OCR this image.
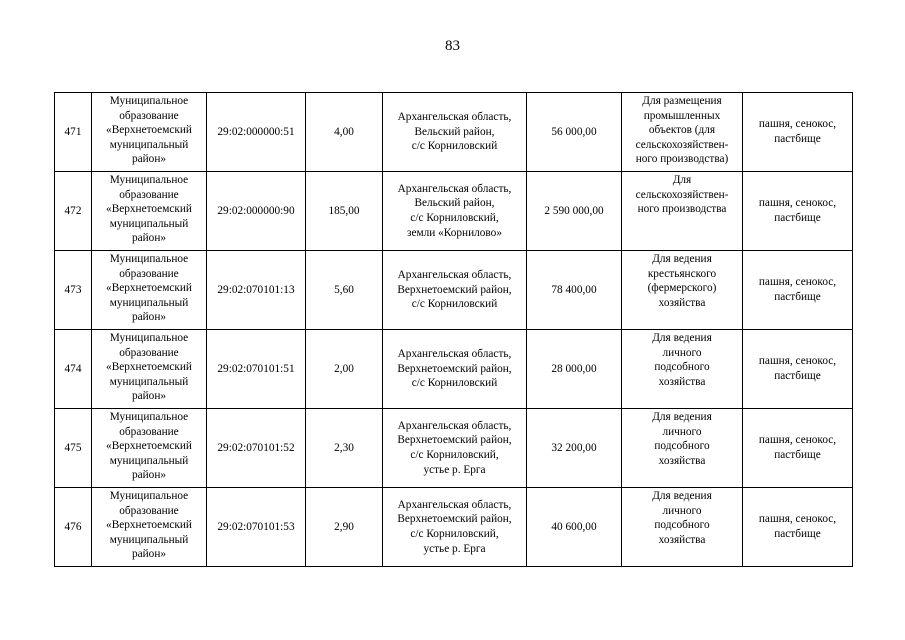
83
471	Муниципальное
образование
«Верхнетоемский
муниципальный
район»	29:02:000000:51	4,00	Архангельская область,
Вельский район,
с/с Корниловский	56 000,00	Для размещения
промышленных
объектов (для
сельскохозяйствен-
ного производства)	пашня, сенокос,
пастбище

472	Муниципальное
образование
«Верхнетоемский
муниципальный
район»	29:02:000000:90	185,00	Архангельская область,
Вельский район,
с/с Корниловский,
земли «Корнилово»	2 590 000,00	Для
сельскохозяйствен-
ного производства	пашня, сенокос,
пастбище

473	Муниципальное
образование
«Верхнетоемский
муниципальный
район»	29:02:070101:13	5,60	Архангельская область,
Верхнетоемский район,
с/с Корниловский	78 400,00	Для ведения
крестьянского
(фермерского)
хозяйства	пашня, сенокос,
пастбище

474	Муниципальное
образование
«Верхнетоемский
муниципальный
район»	29:02:070101:51	2,00	Архангельская область,
Верхнетоемский район,
с/с Корниловский	28 000,00	Для ведения
личного
подсобного
хозяйства	пашня, сенокос,
пастбище

475	Муниципальное
образование
«Верхнетоемский
муниципальный
район»	29:02:070101:52	2,30	Архангельская область,
Верхнетоемский район,
с/с Корниловский,
устье р. Ерга	32 200,00	Для ведения
личного
подсобного
хозяйства	пашня, сенокос,
пастбище

476	Муниципальное
образование
«Верхнетоемский
муниципальный
район»	29:02:070101:53	2,90	Архангельская область,
Верхнетоемский район,
с/с Корниловский,
устье р. Ерга	40 600,00	Для ведения
личного
подсобного
хозяйства	пашня, сенокос,
пастбище
